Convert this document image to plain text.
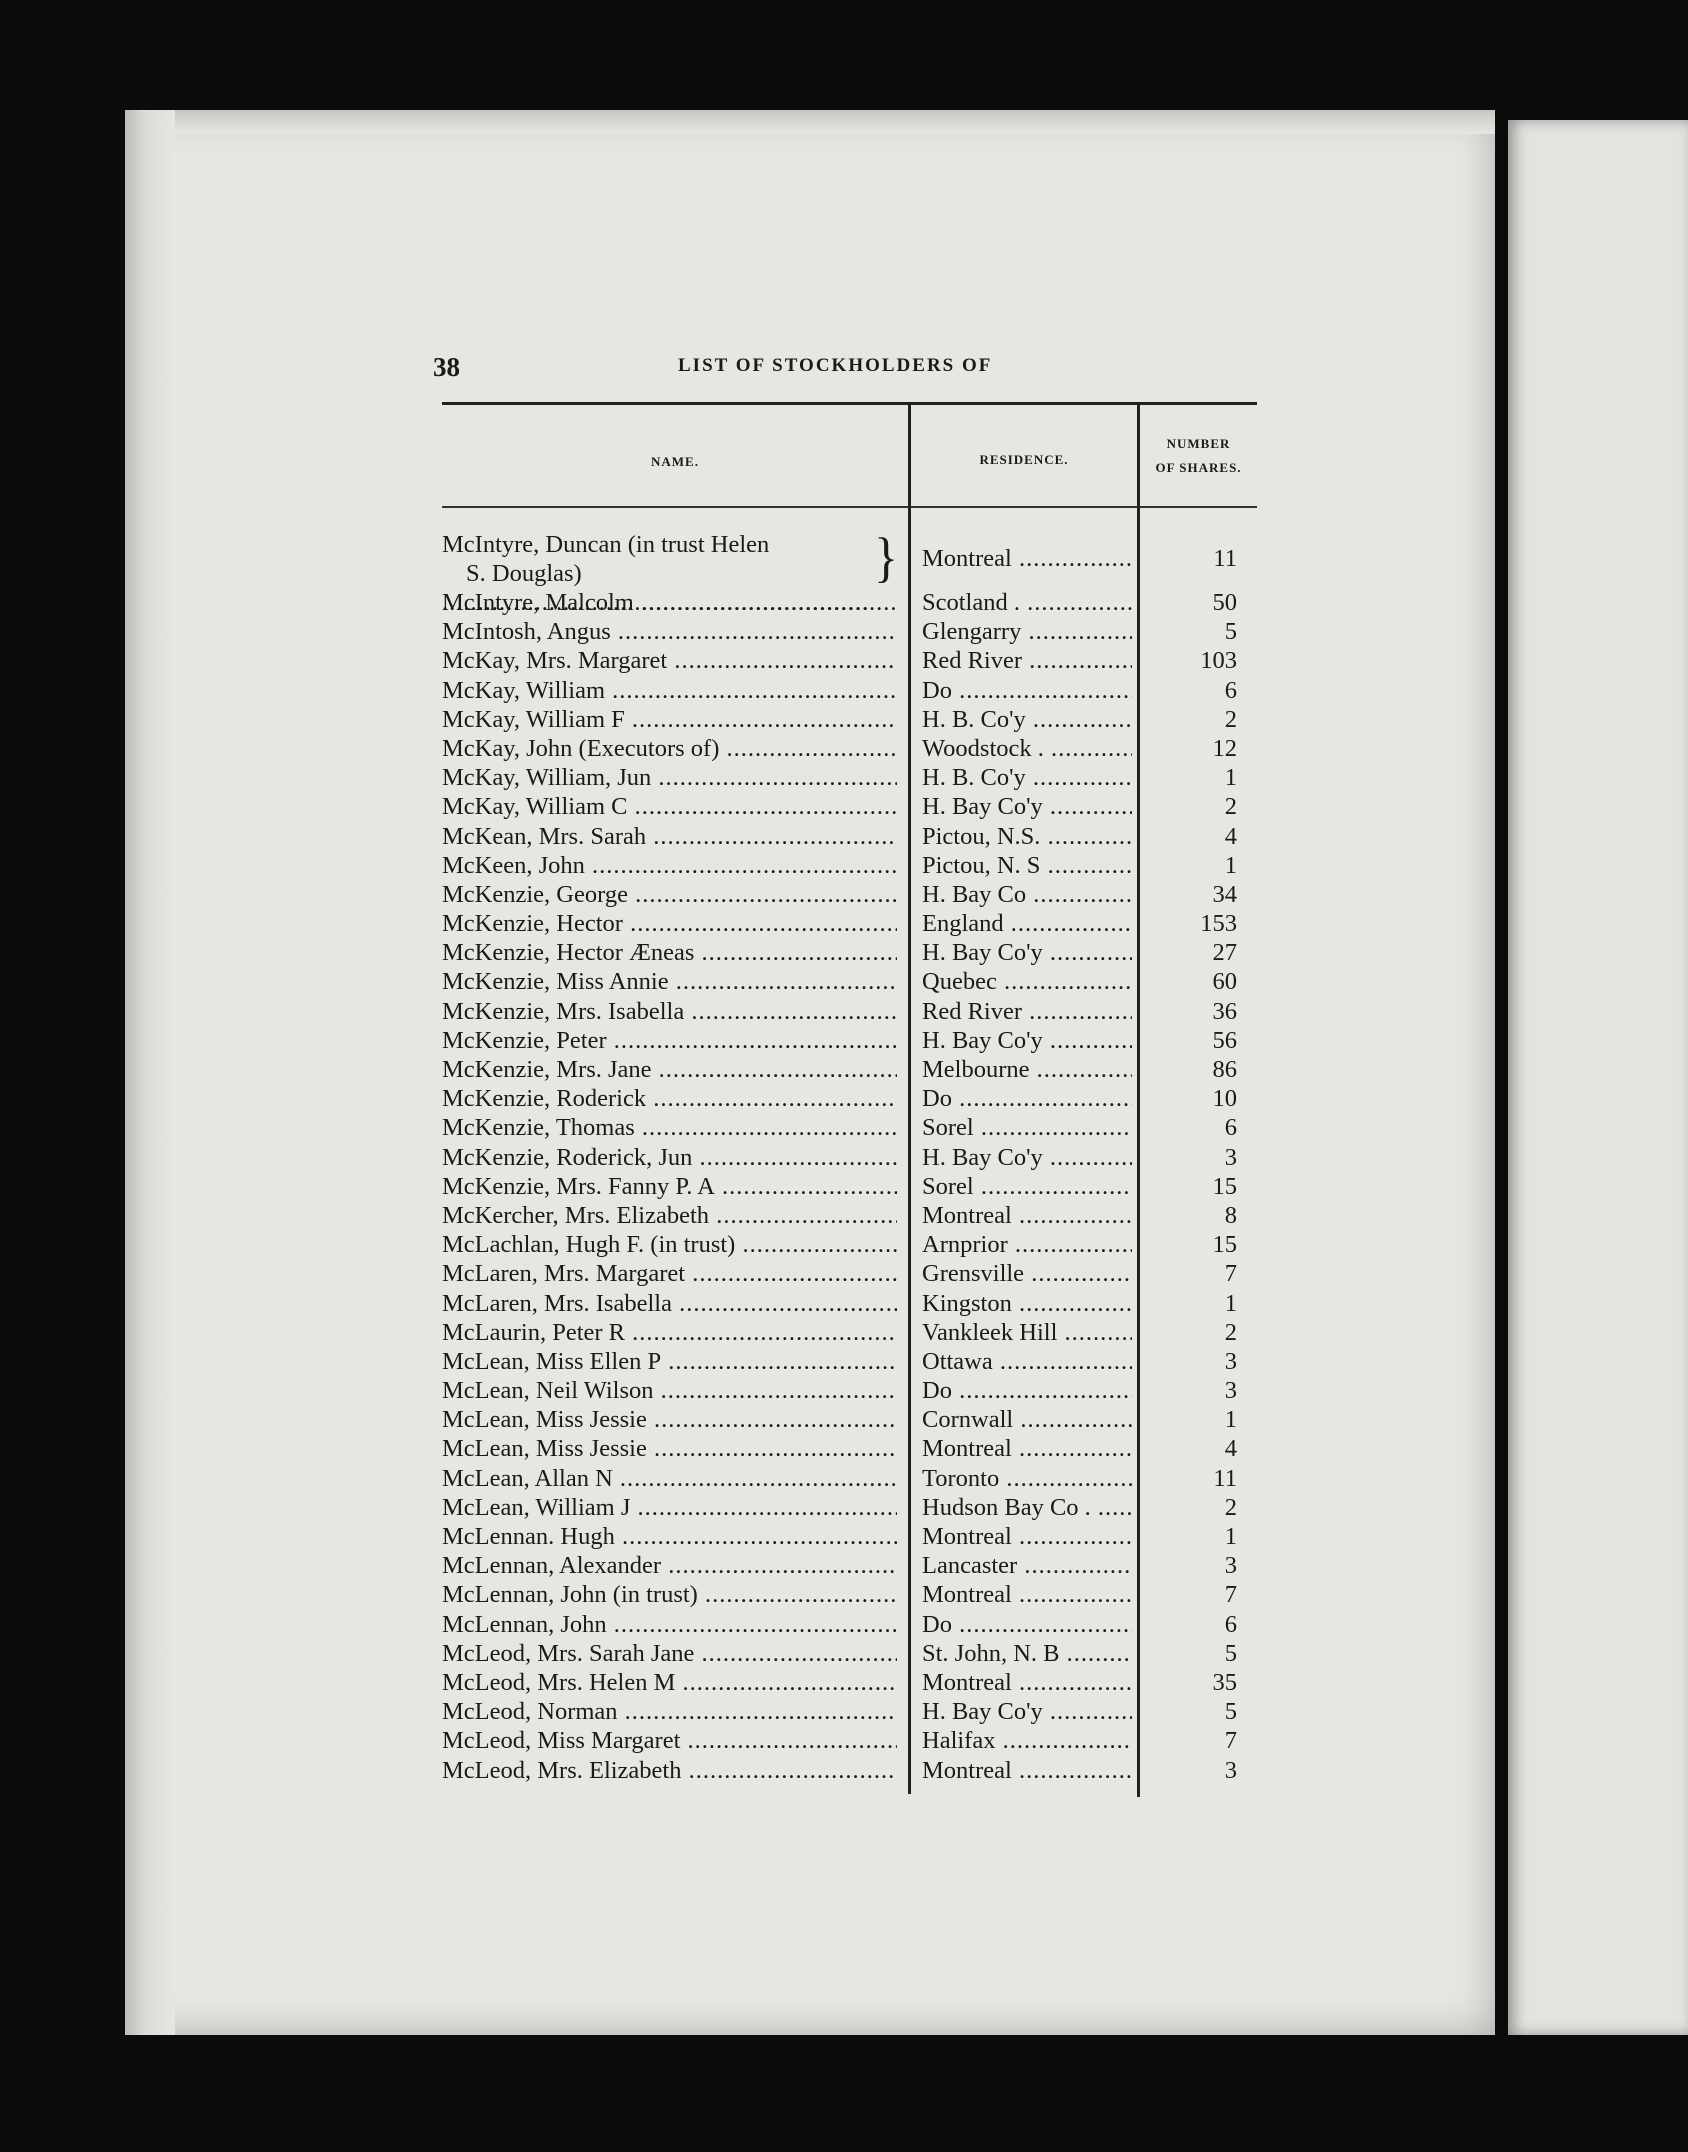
38	LIST OF STOCKHOLDERS OF
NAME.	RESIDENCE.
NUMBER
OF SHARES.
McIntyre, Duncan (in trust Helen
S. Douglas) .....	} Montreal .....	11
McIntyre, Malcolm .....	Scotland . .....	50
McIntosh, Angus .....	Glengarry .....	5
McKay, Mrs. Margaret .....	Red River .....	103
McKay, William .....	Do .....	6
McKay, William F .....	H. B. Co'y .....	2
McKay, John (Executors of) .....	Woodstock . .....	12
McKay, William, Jun .....	H. B. Co'y .....	1
McKay, William C .....	H. Bay Co'y .....	2
McKean, Mrs. Sarah .....	Pictou, N.S. .....	4
McKeen, John .....	Pictou, N. S .....	1
McKenzie, George .....	H. Bay Co .....	34
McKenzie, Hector .....	England .....	153
McKenzie, Hector Æneas .....	H. Bay Co'y .....	27
McKenzie, Miss Annie .....	Quebec .....	60
McKenzie, Mrs. Isabella .....	Red River .....	36
McKenzie, Peter .....	H. Bay Co'y .....	56
McKenzie, Mrs. Jane .....	Melbourne .....	86
McKenzie, Roderick .....	Do .....	10
McKenzie, Thomas .....	Sorel .....	6
McKenzie, Roderick, Jun .....	H. Bay Co'y .....	3
McKenzie, Mrs. Fanny P. A .....	Sorel .....	15
McKercher, Mrs. Elizabeth .....	Montreal .....	8
McLachlan, Hugh F. (in trust) .....	Arnprior .....	15
McLaren, Mrs. Margaret .....	Grensville .....	7
McLaren, Mrs. Isabella .....	Kingston .....	1
McLaurin, Peter R .....	Vankleek Hill .....	2
McLean, Miss Ellen P .....	Ottawa .....	3
McLean, Neil Wilson .....	Do .....	3
McLean, Miss Jessie .....	Cornwall .....	1
McLean, Miss Jessie .....	Montreal .....	4
McLean, Allan N .....	Toronto .....	11
McLean, William J .....	Hudson Bay Co . .....	2
McLennan. Hugh .....	Montreal .....	1
McLennan, Alexander .....	Lancaster .....	3
McLennan, John (in trust) .....	Montreal .....	7
McLennan, John .....	Do .....	6
McLeod, Mrs. Sarah Jane .....	St. John, N. B .....	5
McLeod, Mrs. Helen M .....	Montreal .....	35
McLeod, Norman .....	H. Bay Co'y .....	5
McLeod, Miss Margaret .....	Halifax .....	7
McLeod, Mrs. Elizabeth .....	Montreal .....	3
